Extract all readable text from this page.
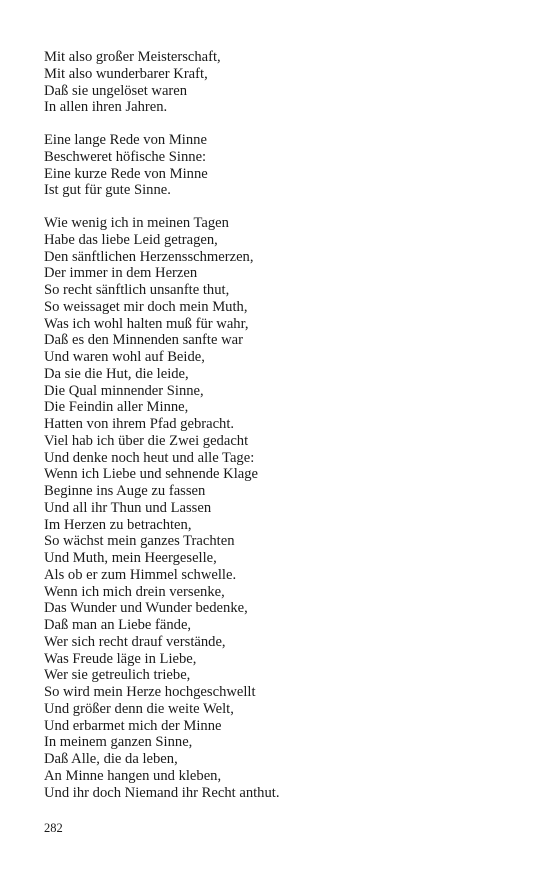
Mit also großer Meisterschaft,
Mit also wunderbarer Kraft,
Daß sie ungelöset waren
In allen ihren Jahren.
Eine lange Rede von Minne
Beschweret höfische Sinne:
Eine kurze Rede von Minne
Ist gut für gute Sinne.
Wie wenig ich in meinen Tagen
Habe das liebe Leid getragen,
Den sänftlichen Herzensschmerzen,
Der immer in dem Herzen
So recht sänftlich unsanfte thut,
So weissaget mir doch mein Muth,
Was ich wohl halten muß für wahr,
Daß es den Minnenden sanfte war
Und waren wohl auf Beide,
Da sie die Hut, die leide,
Die Qual minnender Sinne,
Die Feindin aller Minne,
Hatten von ihrem Pfad gebracht.
Viel hab ich über die Zwei gedacht
Und denke noch heut und alle Tage:
Wenn ich Liebe und sehnende Klage
Beginne ins Auge zu fassen
Und all ihr Thun und Lassen
Im Herzen zu betrachten,
So wächst mein ganzes Trachten
Und Muth, mein Heergeselle,
Als ob er zum Himmel schwelle.
Wenn ich mich drein versenke,
Das Wunder und Wunder bedenke,
Daß man an Liebe fände,
Wer sich recht drauf verstände,
Was Freude läge in Liebe,
Wer sie getreulich triebe,
So wird mein Herze hochgeschwellt
Und größer denn die weite Welt,
Und erbarmet mich der Minne
In meinem ganzen Sinne,
Daß Alle, die da leben,
An Minne hangen und kleben,
Und ihr doch Niemand ihr Recht anthut.
282
